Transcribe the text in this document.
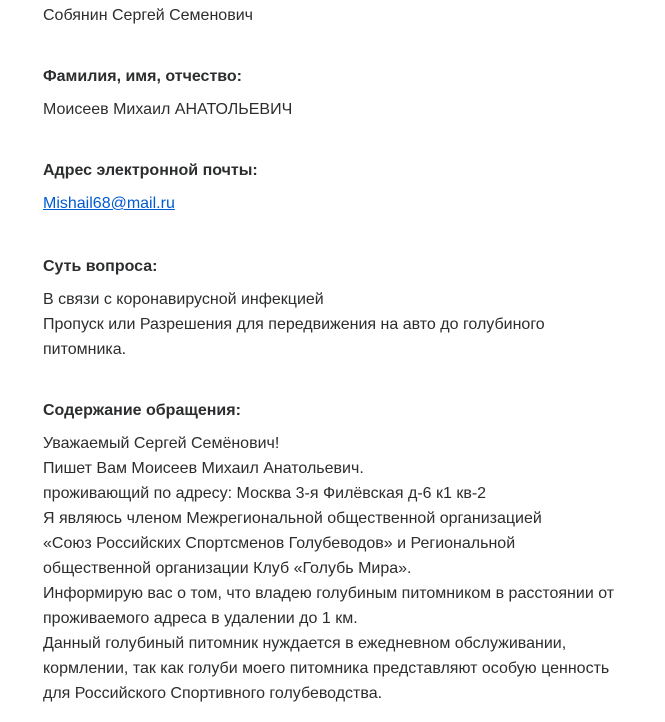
Собянин Сергей Семенович
Фамилия, имя, отчество:
Моисеев Михаил АНАТОЛЬЕВИЧ
Адрес электронной почты:
Mishail68@mail.ru
Суть вопроса:
В связи с коронавирусной инфекцией
Пропуск или Разрешения для передвижения на авто до голубиного
питомника.
Содержание обращения:
Уважаемый Сергей Семёнович!
Пишет Вам Моисеев Михаил Анатольевич.
проживающий по адресу: Москва 3-я Филёвская д-6 к1 кв-2
Я являюсь членом Межрегиональной общественной организацией
«Союз Российских Спортсменов Голубеводов» и Региональной
общественной организации Клуб «Голубь Мира».
Информирую вас о том, что владею голубиным питомником в расстоянии от
проживаемого адреса в удалении до 1 км.
Данный голубиный питомник нуждается в ежедневном обслуживании,
кормлении, так как голуби моего питомника представляют особую ценность
для Российского Спортивного голубеводства.
